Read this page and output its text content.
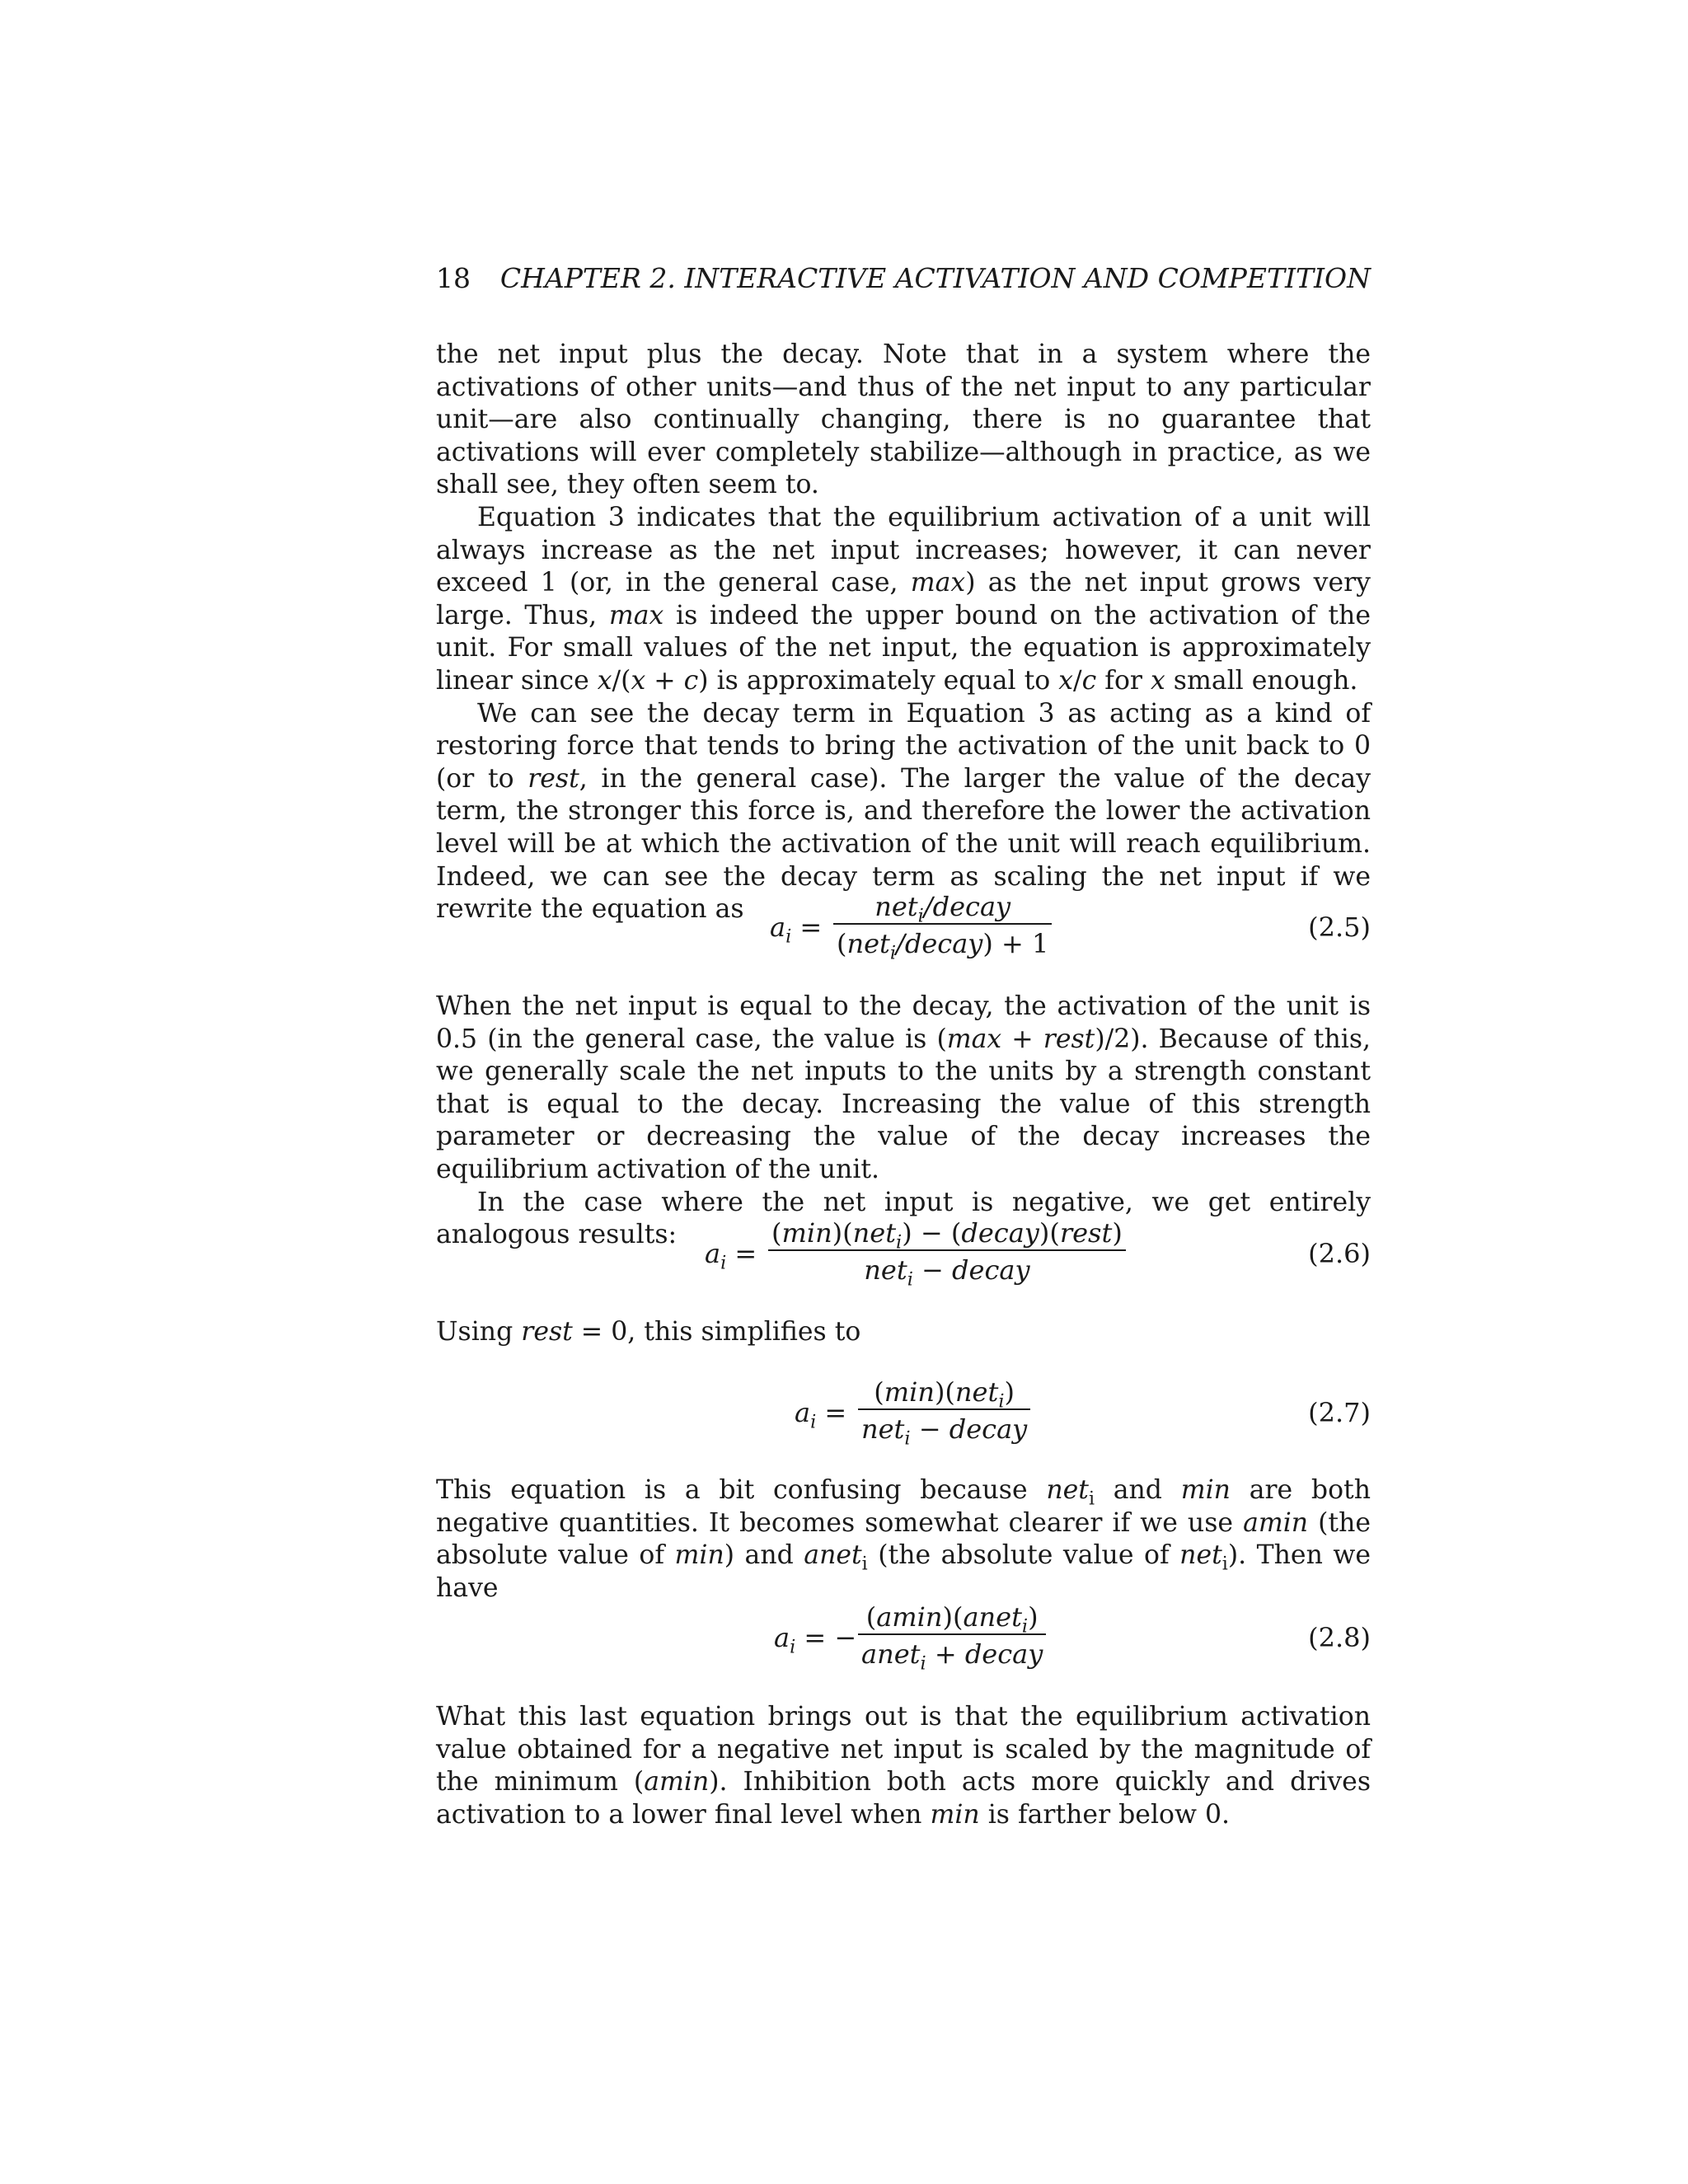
18 CHAPTER 2. INTERACTIVE ACTIVATION AND COMPETITION

the net input plus the decay. Note that in a system where the activations of other units—and thus of the net input to any particular unit—are also continually changing, there is no guarantee that activations will ever completely stabilize—although in practice, as we shall see, they often seem to.

Equation 3 indicates that the equilibrium activation of a unit will always increase as the net input increases; however, it can never exceed 1 (or, in the general case, max) as the net input grows very large. Thus, max is indeed the upper bound on the activation of the unit. For small values of the net input, the equation is approximately linear since x/(x + c) is approximately equal to x/c for x small enough.

We can see the decay term in Equation 3 as acting as a kind of restoring force that tends to bring the activation of the unit back to 0 (or to rest, in the general case). The larger the value of the decay term, the stronger this force is, and therefore the lower the activation level will be at which the activation of the unit will reach equilibrium. Indeed, we can see the decay term as scaling the net input if we rewrite the equation as

$a_i$ =
net$_i$/decay
(net$_i$/decay) + 1
(2.5)

When the net input is equal to the decay, the activation of the unit is 0.5 (in the general case, the value is (max + rest)/2). Because of this, we generally scale the net inputs to the units by a strength constant that is equal to the decay. Increasing the value of this strength parameter or decreasing the value of the decay increases the equilibrium activation of the unit.

In the case where the net input is negative, we get entirely analogous results:

$a_i$ =
(min)(net$_i$) − (decay)(rest)
net$_i$ − decay
(2.6)

Using rest = 0, this simplifies to

$a_i$ =
(min)(net$_i$)
net$_i$ − decay
(2.7)

This equation is a bit confusing because net$_i$ and min are both negative quantities. It becomes somewhat clearer if we use amin (the absolute value of min) and anet$_i$ (the absolute value of net$_i$). Then we have

$a_i$ = −
(amin)(anet$_i$)
anet$_i$ + decay
(2.8)

What this last equation brings out is that the equilibrium activation value obtained for a negative net input is scaled by the magnitude of the minimum (amin). Inhibition both acts more quickly and drives activation to a lower final level when min is farther below 0.
